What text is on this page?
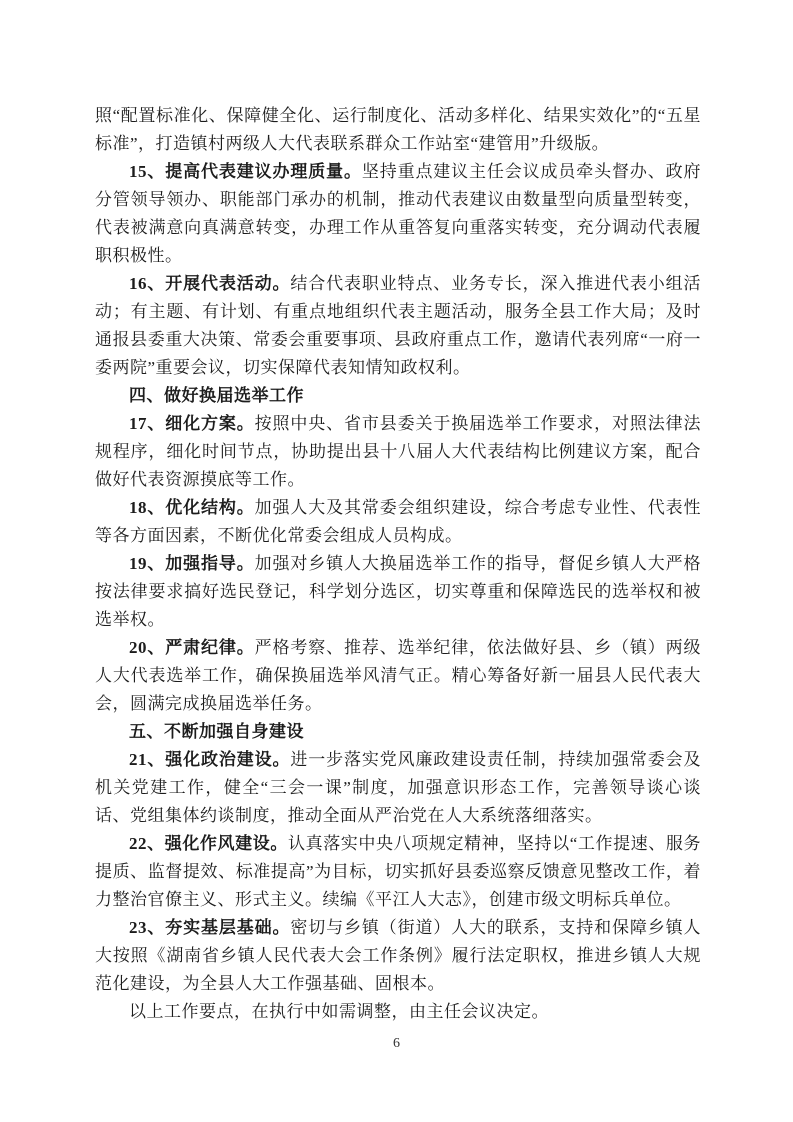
照“配置标准化、保障健全化、运行制度化、活动多样化、结果实效化”的“五星标准”，打造镇村两级人大代表联系群众工作站室“建管用”升级版。

15、提高代表建议办理质量。坚持重点建议主任会议成员牵头督办、政府分管领导领办、职能部门承办的机制，推动代表建议由数量型向质量型转变，代表被满意向真满意转变，办理工作从重答复向重落实转变，充分调动代表履职积极性。

16、开展代表活动。结合代表职业特点、业务专长，深入推进代表小组活动；有主题、有计划、有重点地组织代表主题活动，服务全县工作大局；及时通报县委重大决策、常委会重要事项、县政府重点工作，邀请代表列席“一府一委两院”重要会议，切实保障代表知情知政权利。

四、做好换届选举工作

17、细化方案。按照中央、省市县委关于换届选举工作要求，对照法律法规程序，细化时间节点，协助提出县十八届人大代表结构比例建议方案，配合做好代表资源摸底等工作。

18、优化结构。加强人大及其常委会组织建设，综合考虑专业性、代表性等各方面因素，不断优化常委会组成人员构成。

19、加强指导。加强对乡镇人大换届选举工作的指导，督促乡镇人大严格按法律要求搞好选民登记，科学划分选区，切实尊重和保障选民的选举权和被选举权。

20、严肃纪律。严格考察、推荐、选举纪律，依法做好县、乡（镇）两级人大代表选举工作，确保换届选举风清气正。精心筹备好新一届县人民代表大会，圆满完成换届选举任务。

五、不断加强自身建设

21、强化政治建设。进一步落实党风廉政建设责任制，持续加强常委会及机关党建工作，健全“三会一课”制度，加强意识形态工作，完善领导谈心谈话、党组集体约谈制度，推动全面从严治党在人大系统落细落实。

22、强化作风建设。认真落实中央八项规定精神，坚持以“工作提速、服务提质、监督提效、标准提高”为目标，切实抓好县委巡察反馈意见整改工作，着力整治官僚主义、形式主义。续编《平江人大志》，创建市级文明标兵单位。

23、夯实基层基础。密切与乡镇（街道）人大的联系，支持和保障乡镇人大按照《湖南省乡镇人民代表大会工作条例》履行法定职权，推进乡镇人大规范化建设，为全县人大工作强基础、固根本。

以上工作要点，在执行中如需调整，由主任会议决定。

6
